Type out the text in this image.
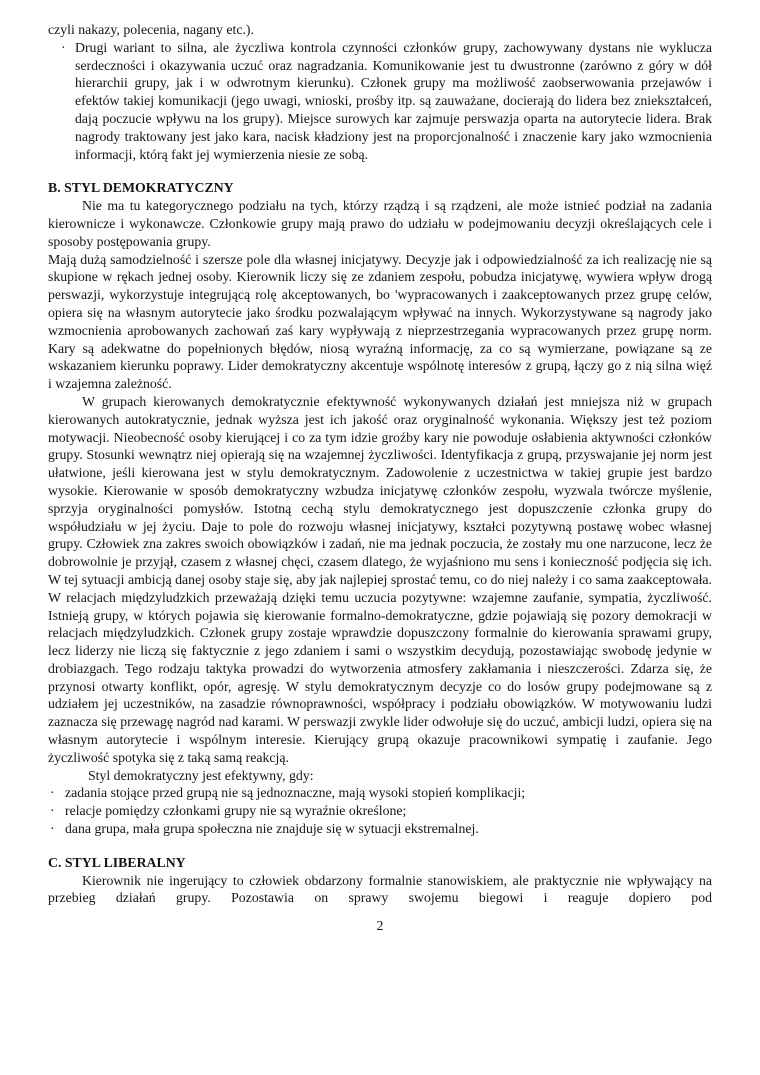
czyli nakazy, polecenia, nagany etc.).

· Drugi wariant to silna, ale życzliwa kontrola czynności członków grupy, zachowywany dystans nie wyklucza serdeczności i okazywania uczuć oraz nagradzania. Komunikowanie jest tu dwustronne (zarówno z góry w dół hierarchii grupy, jak i w odwrotnym kierunku). Członek grupy ma możliwość zaobserwowania przejawów i efektów takiej komunikacji (jego uwagi, wnioski, prośby itp. są zauważane, docierają do lidera bez zniekształceń, dają poczucie wpływu na los grupy). Miejsce surowych kar zajmuje perswazja oparta na autorytecie lidera. Brak nagrody traktowany jest jako kara, nacisk kładziony jest na proporcjonalność i znaczenie kary jako wzmocnienia informacji, którą fakt jej wymierzenia niesie ze sobą.
B. STYL DEMOKRATYCZNY

Nie ma tu kategorycznego podziału na tych, którzy rządzą i są rządzeni, ale może istnieć podział na zadania kierownicze i wykonawcze. Członkowie grupy mają prawo do udziału w podejmowaniu decyzji określających cele i sposoby postępowania grupy.

Mają dużą samodzielność i szersze pole dla własnej inicjatywy. Decyzje jak i odpowiedzialność za ich realizację nie są skupione w rękach jednej osoby. Kierownik liczy się ze zdaniem zespołu, pobudza inicjatywę, wywiera wpływ drogą perswazji, wykorzystuje integrującą rolę akceptowanych, bo 'wypracowanych i zaakceptowanych przez grupę celów, opiera się na własnym autorytecie jako środku pozwalającym wpływać na innych. Wykorzystywane są nagrody jako wzmocnienia aprobowanych zachowań zaś kary wypływają z nieprzestrzegania wypracowanych przez grupę norm. Kary są adekwatne do popełnionych błędów, niosą wyraźną informację, za co są wymierzane, powiązane są ze wskazaniem kierunku poprawy. Lider demokratyczny akcentuje wspólnotę interesów z grupą, łączy go z nią silna więź i wzajemna zależność.

W grupach kierowanych demokratycznie efektywność wykonywanych działań jest mniejsza niż w grupach kierowanych autokratycznie, jednak wyższa jest ich jakość oraz oryginalność wykonania. Większy jest też poziom motywacji. Nieobecność osoby kierującej i co za tym idzie groźby kary nie powoduje osłabienia aktywności członków grupy. Stosunki wewnątrz niej opierają się na wzajemnej życzliwości. Identyfikacja z grupą, przyswajanie jej norm jest ułatwione, jeśli kierowana jest w stylu demokratycznym. Zadowolenie z uczestnictwa w takiej grupie jest bardzo wysokie. Kierowanie w sposób demokratyczny wzbudza inicjatywę członków zespołu, wyzwala twórcze myślenie, sprzyja oryginalności pomysłów. Istotną cechą stylu demokratycznego jest dopuszczenie członka grupy do współudziału w jej życiu. Daje to pole do rozwoju własnej inicjatywy, kształci pozytywną postawę wobec własnej grupy. Człowiek zna zakres swoich obowiązków i zadań, nie ma jednak poczucia, że zostały mu one narzucone, lecz że dobrowolnie je przyjął, czasem z własnej chęci, czasem dlatego, że wyjaśniono mu sens i konieczność podjęcia się ich. W tej sytuacji ambicją danej osoby staje się, aby jak najlepiej sprostać temu, co do niej należy i co sama zaakceptowała. W relacjach międzyludzkich przeważają dzięki temu uczucia pozytywne: wzajemne zaufanie, sympatia, życzliwość. Istnieją grupy, w których pojawia się kierowanie formalno-demokratyczne, gdzie pojawiają się pozory demokracji w relacjach międzyludzkich. Członek grupy zostaje wprawdzie dopuszczony formalnie do kierowania sprawami grupy, lecz liderzy nie liczą się faktycznie z jego zdaniem i sami o wszystkim decydują, pozostawiając swobodę jedynie w drobiazgach. Tego rodzaju taktyka prowadzi do wytworzenia atmosfery zakłamania i nieszczerości. Zdarza się, że przynosi otwarty konflikt, opór, agresję. W stylu demokratycznym decyzje co do losów grupy podejmowane są z udziałem jej uczestników, na zasadzie równoprawności, współpracy i podziału obowiązków. W motywowaniu ludzi zaznacza się przewagę nagród nad karami. W perswazji zwykle lider odwołuje się do uczuć, ambicji ludzi, opiera się na własnym autorytecie i wspólnym interesie. Kierujący grupą okazuje pracownikowi sympatię i zaufanie. Jego życzliwość spotyka się z taką samą reakcją.

Styl demokratyczny jest efektywny, gdy:

· zadania stojące przed grupą nie są jednoznaczne, mają wysoki stopień komplikacji;
· relacje pomiędzy członkami grupy nie są wyraźnie określone;
· dana grupa, mała grupa społeczna nie znajduje się w sytuacji ekstremalnej.
C. STYL LIBERALNY

Kierownik nie ingerujący to człowiek obdarzony formalnie stanowiskiem, ale praktycznie nie wpływający na przebieg działań grupy. Pozostawia on sprawy swojemu biegowi i reaguje dopiero pod

2
